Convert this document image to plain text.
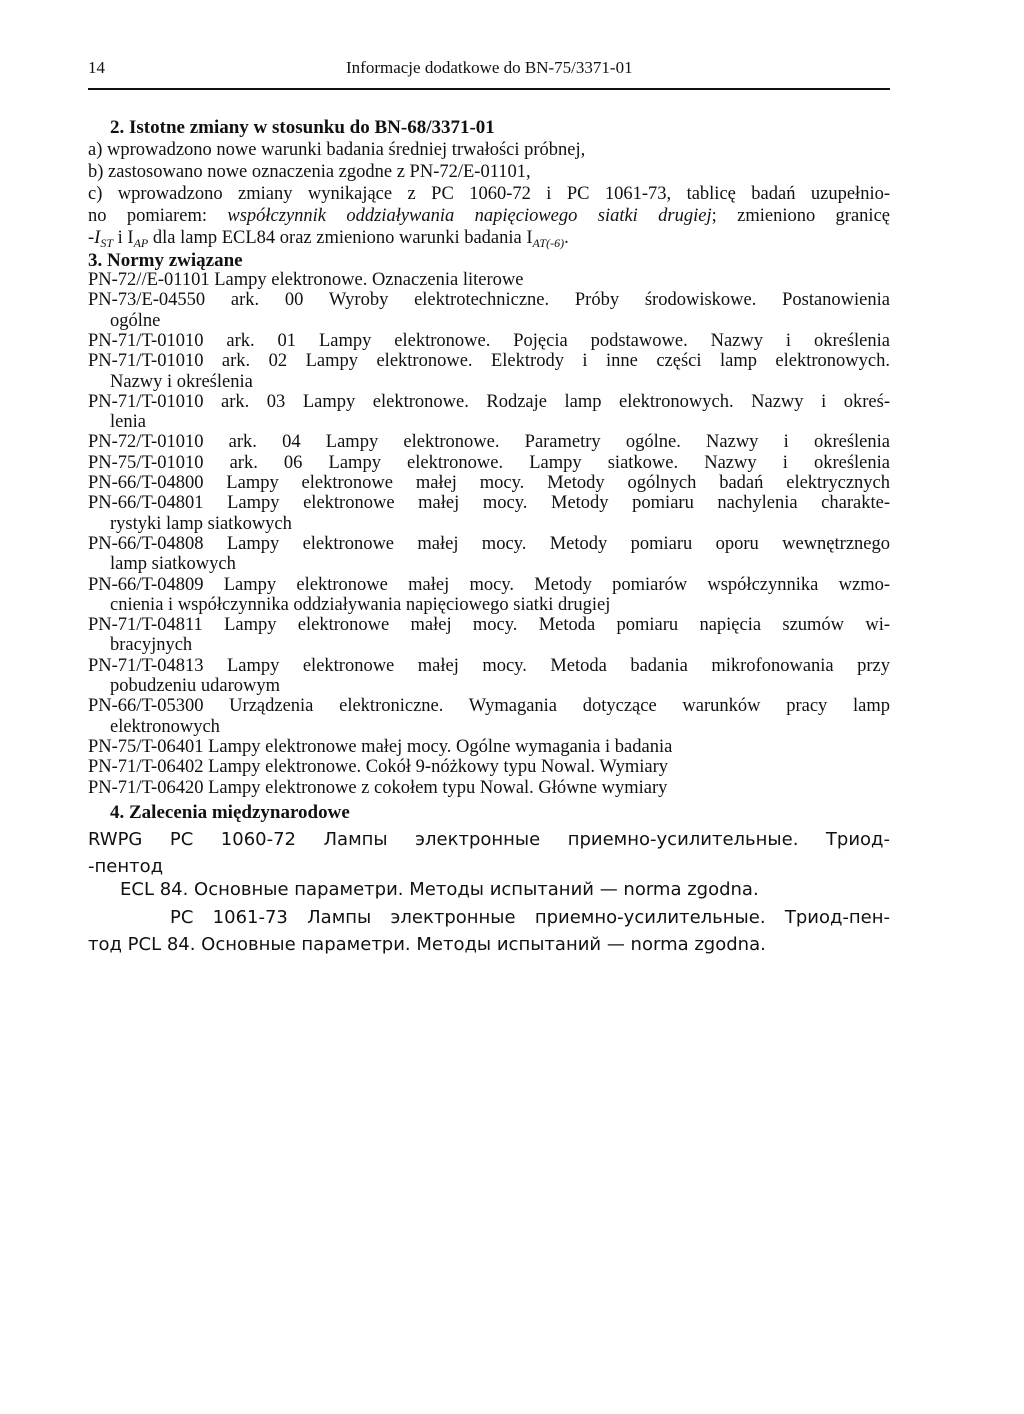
14	Informacje dodatkowe do BN-75/3371-01
2. Istotne zmiany w stosunku do BN-68/3371-01
a) wprowadzono nowe warunki badania średniej trwałości próbnej,
b) zastosowano nowe oznaczenia zgodne z PN-72/E-01101,
c) wprowadzono zmiany wynikające z PC 1060-72 i PC 1061-73, tablicę badań uzupełnio-
no pomiarem: współczynnik oddziaływania napięciowego siatki drugiej; zmieniono granicę
$-I_{ST}$ i $I_{AP}$ dla lamp ECL84 oraz zmieniono warunki badania $I_{AT(-6)}$.
3. Normy związane
PN-72//E-01101 Lampy elektronowe. Oznaczenia literowe
PN-73/E-04550 ark. 00 Wyroby elektrotechniczne. Próby środowiskowe. Postanowienia
ogólne
PN-71/T-01010 ark. 01 Lampy elektronowe. Pojęcia podstawowe. Nazwy i określenia
PN-71/T-01010 ark. 02 Lampy elektronowe. Elektrody i inne części lamp elektronowych.
Nazwy i określenia
PN-71/T-01010 ark. 03 Lampy elektronowe. Rodzaje lamp elektronowych. Nazwy i okreś-
lenia
PN-72/T-01010 ark. 04 Lampy elektronowe. Parametry ogólne. Nazwy i określenia
PN-75/T-01010 ark. 06 Lampy elektronowe. Lampy siatkowe. Nazwy i określenia
PN-66/T-04800 Lampy elektronowe małej mocy. Metody ogólnych badań elektrycznych
PN-66/T-04801 Lampy elektronowe małej mocy. Metody pomiaru nachylenia charakte-
rystyki lamp siatkowych
PN-66/T-04808 Lampy elektronowe małej mocy. Metody pomiaru oporu wewnętrznego
lamp siatkowych
PN-66/T-04809 Lampy elektronowe małej mocy. Metody pomiarów współczynnika wzmo-
cnienia i współczynnika oddziaływania napięciowego siatki drugiej
PN-71/T-04811 Lampy elektronowe małej mocy. Metoda pomiaru napięcia szumów wi-
bracyjnych
PN-71/T-04813 Lampy elektronowe małej mocy. Metoda badania mikrofonowania przy
pobudzeniu udarowym
PN-66/T-05300 Urządzenia elektroniczne. Wymagania dotyczące warunków pracy lamp
elektronowych
PN-75/T-06401 Lampy elektronowe małej mocy. Ogólne wymagania i badania
PN-71/T-06402 Lampy elektronowe. Cokół 9-nóżkowy typu Nowal. Wymiary
PN-71/T-06420 Lampy elektronowe z cokołem typu Nowal. Główne wymiary
4. Zalecenia międzynarodowe
RWPG PC 1060-72 Лампы электронные приемно-усилительные. Триод-
-пентод
ECL 84. Основные параметри. Методы испытаний — norma zgodna.
PC 1061-73 Лампы электронные приемно-усилительные. Триод-пен-
тод PCL 84. Основные параметри. Методы испытаний — norma zgodna.
